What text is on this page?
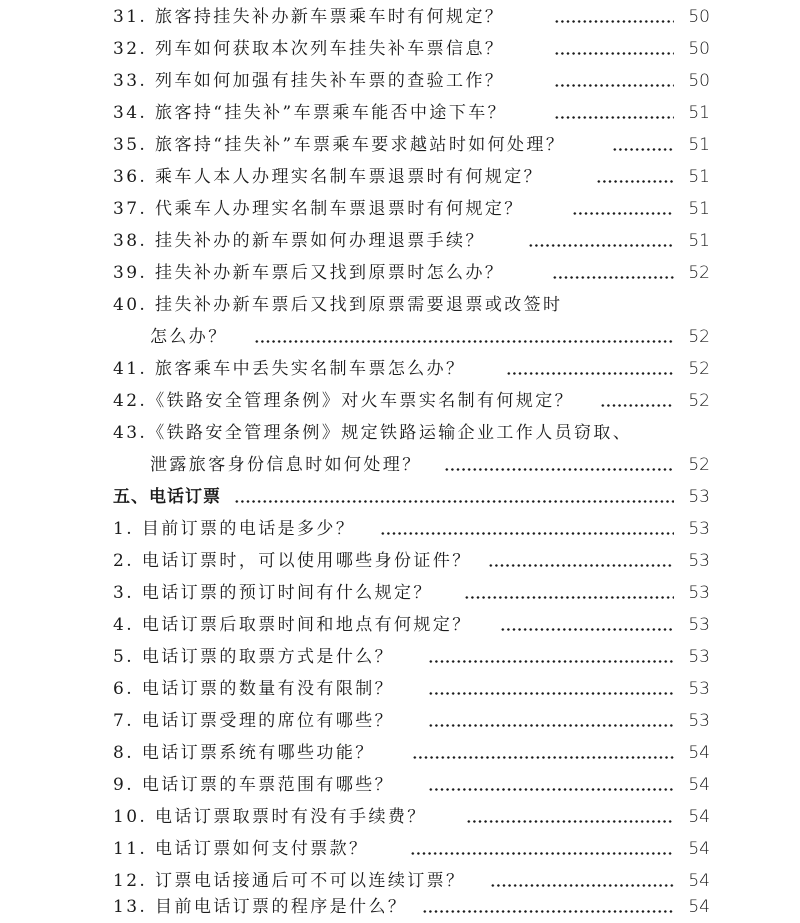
31. 旅客持挂失补办新车票乘车时有何规定？	50
32. 列车如何获取本次列车挂失补车票信息？	50
33. 列车如何加强有挂失补车票的查验工作？	50
34. 旅客持“挂失补”车票乘车能否中途下车？	51
35. 旅客持“挂失补”车票乘车要求越站时如何处理？	51
36. 乘车人本人办理实名制车票退票时有何规定？	51
37. 代乘车人办理实名制车票退票时有何规定？	51
38. 挂失补办的新车票如何办理退票手续？	51
39. 挂失补办新车票后又找到原票时怎么办？	52
40. 挂失补办新车票后又找到原票需要退票或改签时
怎么办？	52
41. 旅客乘车中丢失实名制车票怎么办？	52
42.《铁路安全管理条例》对火车票实名制有何规定？	52
43.《铁路安全管理条例》规定铁路运输企业工作人员窃取、
泄露旅客身份信息时如何处理？	52
五、电话订票	53
1. 目前订票的电话是多少？	53
2. 电话订票时，可以使用哪些身份证件？	53
3. 电话订票的预订时间有什么规定？	53
4. 电话订票后取票时间和地点有何规定？	53
5. 电话订票的取票方式是什么？	53
6. 电话订票的数量有没有限制？	53
7. 电话订票受理的席位有哪些？	53
8. 电话订票系统有哪些功能？	54
9. 电话订票的车票范围有哪些？	54
10. 电话订票取票时有没有手续费？	54
11. 电话订票如何支付票款？	54
12. 订票电话接通后可不可以连续订票？	54
13. 目前电话订票的程序是什么？	54
